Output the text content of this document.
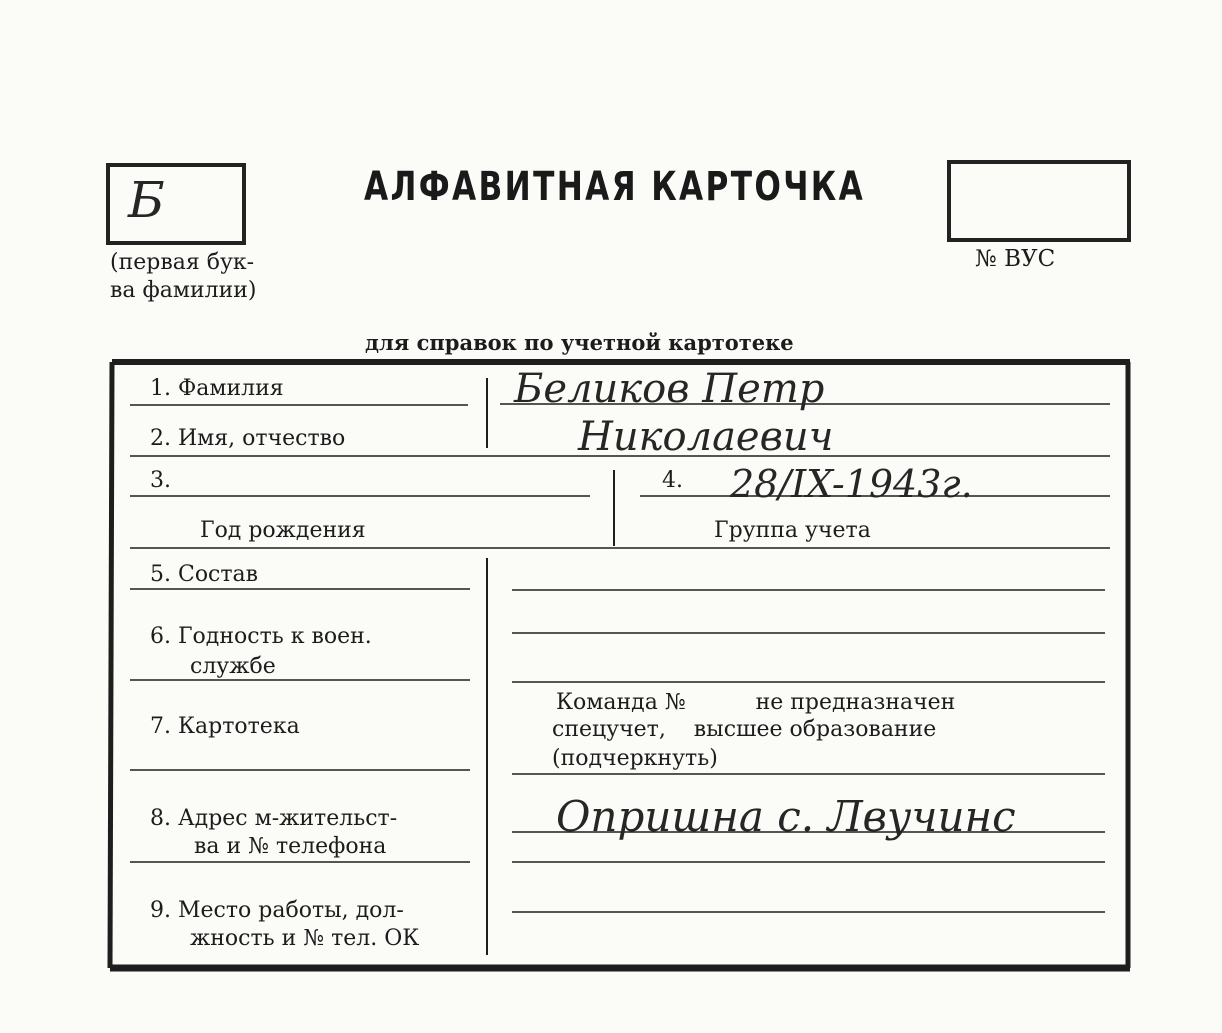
Б
(первая бук-
ва фамилии)
АЛФАВИТНАЯ КАРТОЧКА
№ ВУС
для справок по учетной картотеке
1. Фамилия
2. Имя, отчество
3.
Год рождения
4.
Группа учета
5. Состав
6. Годность к воен.
службе
7. Картотека
Команда №          не предназначен
спецучет,    высшее образование
(подчеркнуть)
8. Адрес м-жительст-
ва и № телефона
9. Место работы, дол-
жность и № тел. ОК
Беликов Петр
Николаевич
28/IX-1943г.
Опришна с. Лвучинс
